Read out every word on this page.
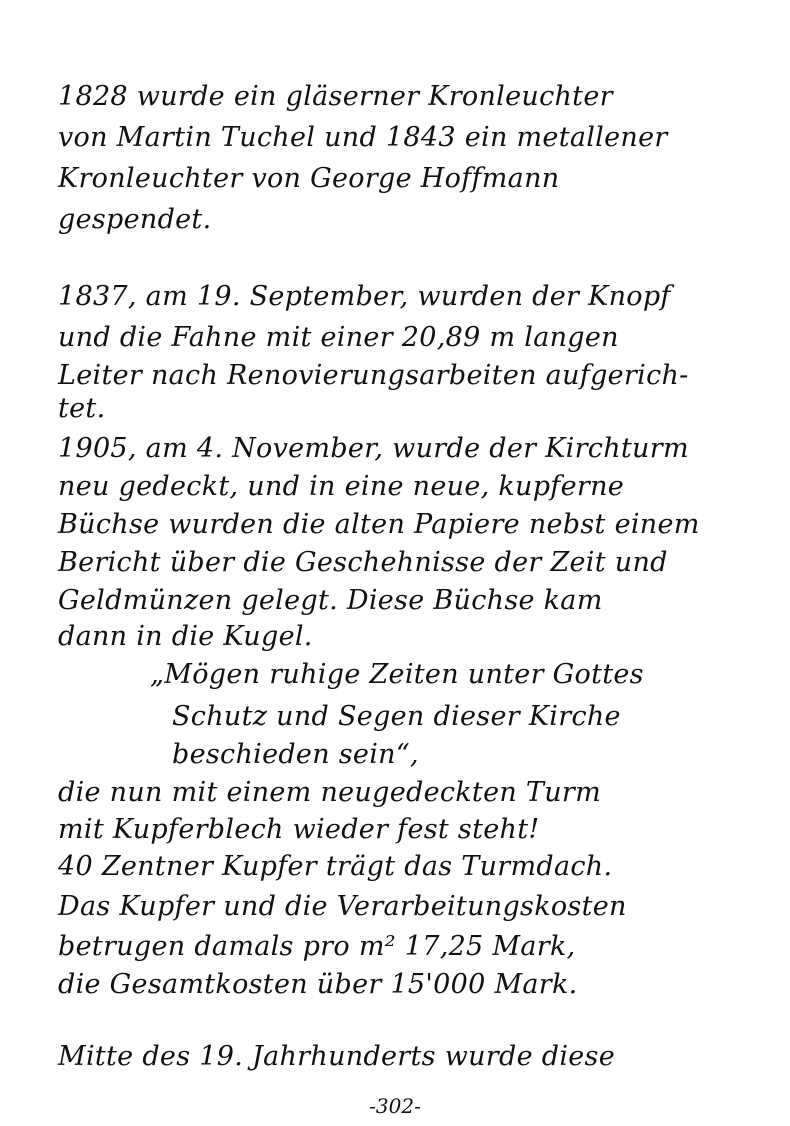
1828 wurde ein gläserner Kronleuchter
von Martin Tuchel und 1843 ein metallener
Kronleuchter von George Hoffmann
gespendet.
1837, am 19. September, wurden der Knopf
und die Fahne mit einer 20,89 m langen
Leiter nach Renovierungsarbeiten aufgerich-
tet.
1905, am 4. November, wurde der Kirchturm
neu gedeckt, und in eine neue, kupferne
Büchse wurden die alten Papiere nebst einem
Bericht über die Geschehnisse der Zeit und
Geldmünzen gelegt. Diese Büchse kam
dann in die Kugel.
„Mögen ruhige Zeiten unter Gottes
Schutz und Segen dieser Kirche
beschieden sein“,
die nun mit einem neugedeckten Turm
mit Kupferblech wieder fest steht!
40 Zentner Kupfer trägt das Turmdach.
Das Kupfer und die Verarbeitungskosten
betrugen damals pro m² 17,25 Mark,
die Gesamtkosten über 15'000 Mark.
Mitte des 19. Jahrhunderts wurde diese
-302-
